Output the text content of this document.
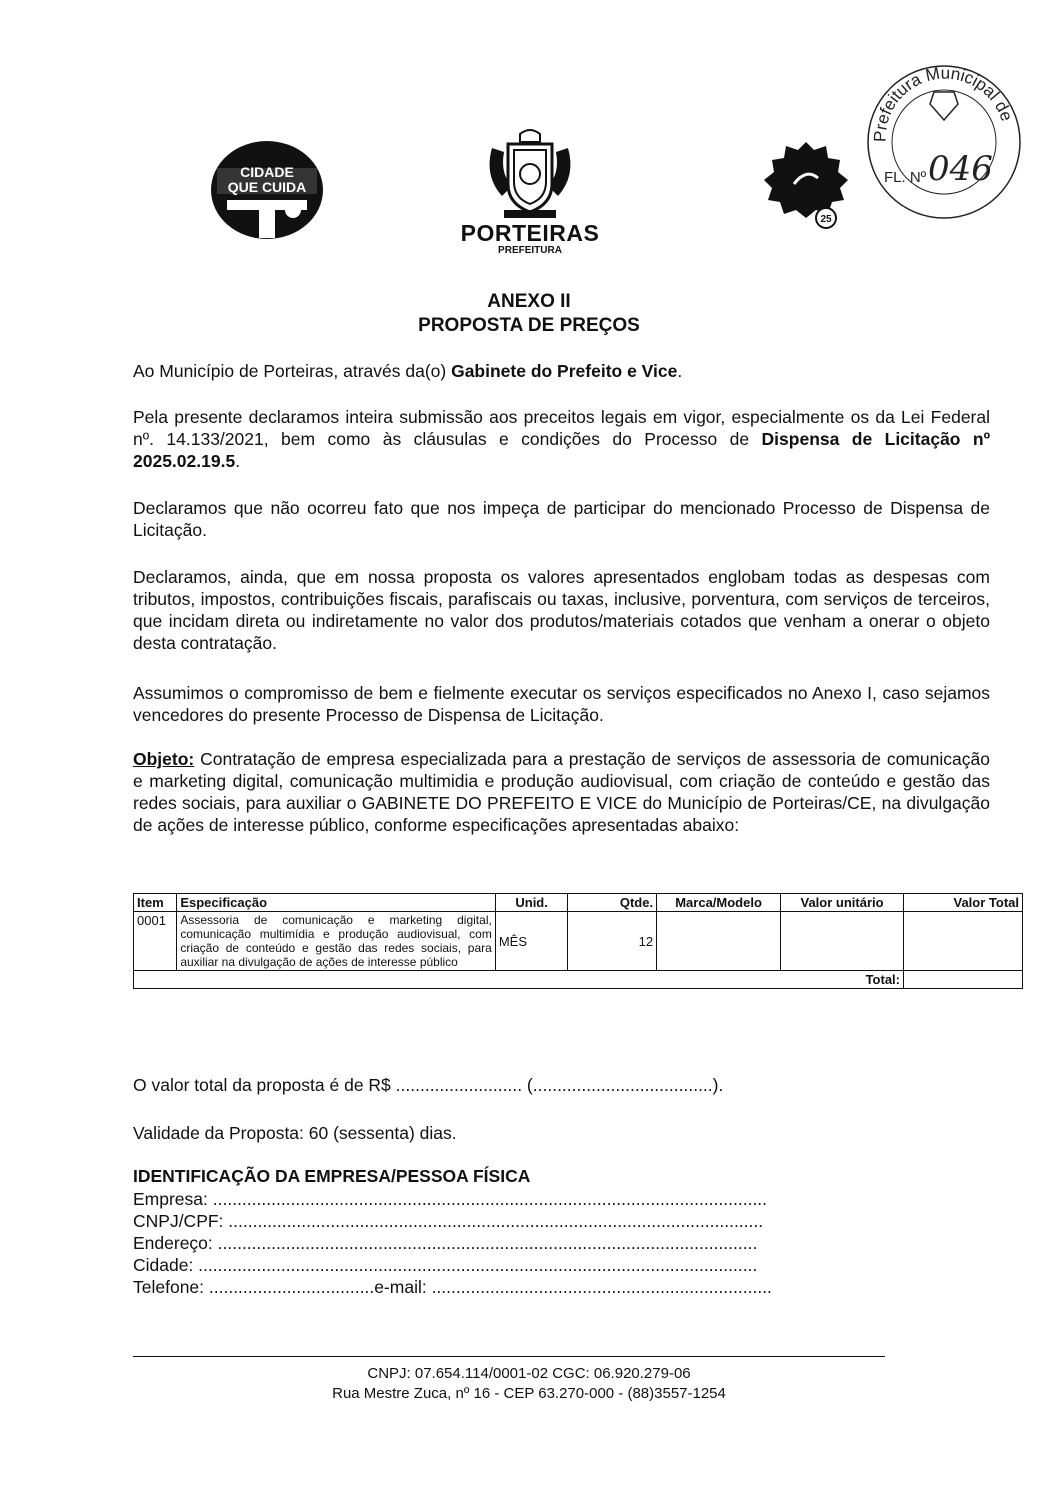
CIDADE
QUE CUIDA
PORTEIRAS
PREFEITURA
25
Prefeitura Municipal de
FL. Nº 046
ANEXO II
PROPOSTA DE PREÇOS

Ao Município de Porteiras, através da(o) Gabinete do Prefeito e Vice.

Pela presente declaramos inteira submissão aos preceitos legais em vigor, especialmente os da Lei Federal nº. 14.133/2021, bem como às cláusulas e condições do Processo de Dispensa de Licitação nº 2025.02.19.5.

Declaramos que não ocorreu fato que nos impeça de participar do mencionado Processo de Dispensa de Licitação.

Declaramos, ainda, que em nossa proposta os valores apresentados englobam todas as despesas com tributos, impostos, contribuições fiscais, parafiscais ou taxas, inclusive, porventura, com serviços de terceiros, que incidam direta ou indiretamente no valor dos produtos/materiais cotados que venham a onerar o objeto desta contratação.

Assumimos o compromisso de bem e fielmente executar os serviços especificados no Anexo I, caso sejamos vencedores do presente Processo de Dispensa de Licitação.

Objeto: Contratação de empresa especializada para a prestação de serviços de assessoria de comunicação e marketing digital, comunicação multimidia e produção audiovisual, com criação de conteúdo e gestão das redes sociais, para auxiliar o GABINETE DO PREFEITO E VICE do Município de Porteiras/CE, na divulgação de ações de interesse público, conforme especificações apresentadas abaixo:

Item	Especificação	Unid.	Qtde.	Marca/Modelo	Valor unitário	Valor Total
0001	Assessoria de comunicação e marketing digital, comunicação multimídia e produção audiovisual, com criação de conteúdo e gestão das redes sociais, para auxiliar na divulgação de ações de interesse público	MÊS	12			
Total:						
O valor total da proposta é de R$ .......................... (.....................................).
Validade da Proposta: 60 (sessenta) dias.
IDENTIFICAÇÃO DA EMPRESA/PESSOA FÍSICA
Empresa: ..................................................................................................................
CNPJ/CPF: ..............................................................................................................
Endereço: ...............................................................................................................
Cidade: ...................................................................................................................
Telefone: ..................................e-mail: ......................................................................
CNPJ: 07.654.114/0001-02 CGC: 06.920.279-06
Rua Mestre Zuca, nº 16 - CEP 63.270-000 - (88)3557-1254
